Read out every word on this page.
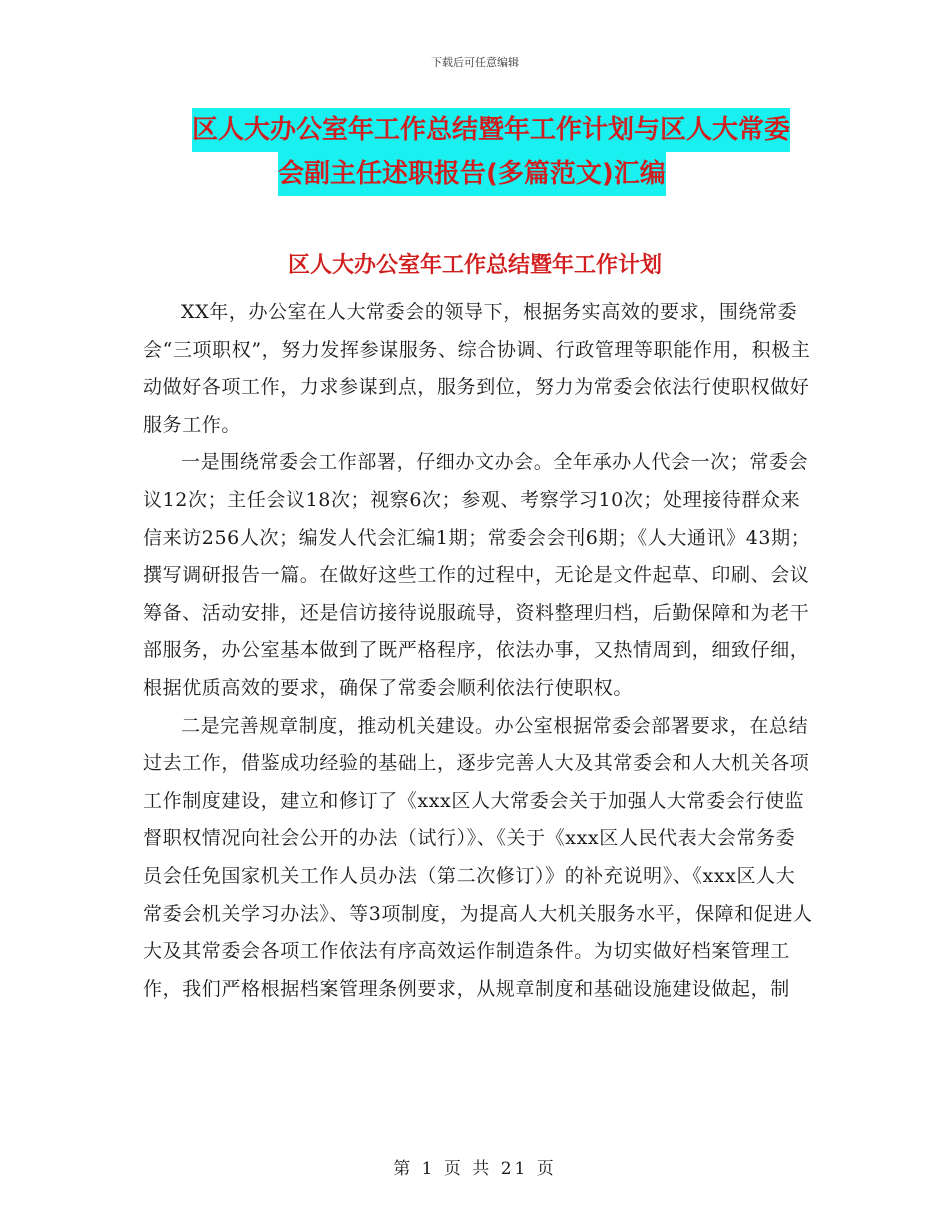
下载后可任意编辑
区人大办公室年工作总结暨年工作计划与区人大常委
会副主任述职报告(多篇范文)汇编
区人大办公室年工作总结暨年工作计划

XX年，办公室在人大常委会的领导下，根据务实高效的要求，围绕常委会“三项职权”，努力发挥参谋服务、综合协调、行政管理等职能作用，积极主动做好各项工作，力求参谋到点，服务到位，努力为常委会依法行使职权做好服务工作。

一是围绕常委会工作部署，仔细办文办会。全年承办人代会一次；常委会议12次；主任会议18次；视察6次；参观、考察学习10次；处理接待群众来信来访256人次；编发人代会汇编1期；常委会会刊6期；《人大通讯》43期；撰写调研报告一篇。在做好这些工作的过程中，无论是文件起草、印刷、会议筹备、活动安排，还是信访接待说服疏导，资料整理归档，后勤保障和为老干部服务，办公室基本做到了既严格程序，依法办事，又热情周到，细致仔细，根据优质高效的要求，确保了常委会顺利依法行使职权。

二是完善规章制度，推动机关建设。办公室根据常委会部署要求，在总结过去工作，借鉴成功经验的基础上，逐步完善人大及其常委会和人大机关各项工作制度建设，建立和修订了《xxx区人大常委会关于加强人大常委会行使监督职权情况向社会公开的办法（试行）》、《关于《xxx区人民代表大会常务委员会任免国家机关工作人员办法（第二次修订）》的补充说明》、《xxx区人大常委会机关学习办法》、等3项制度，为提高人大机关服务水平，保障和促进人大及其常委会各项工作依法有序高效运作制造条件。为切实做好档案管理工作，我们严格根据档案管理条例要求，从规章制度和基础设施建设做起，制

第 1 页 共 21 页
